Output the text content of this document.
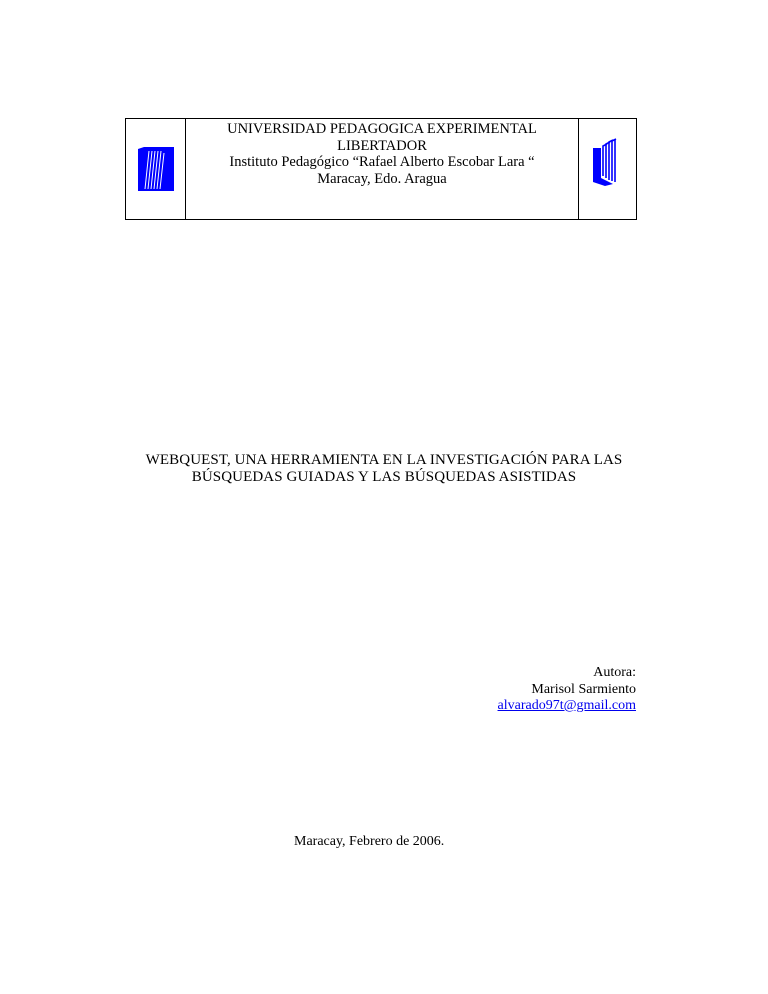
UNIVERSIDAD PEDAGOGICA EXPERIMENTAL
LIBERTADOR
Instituto Pedagógico “Rafael Alberto Escobar Lara “
Maracay, Edo. Aragua
WEBQUEST, UNA HERRAMIENTA EN LA INVESTIGACIÓN PARA LAS
BÚSQUEDAS GUIADAS Y LAS BÚSQUEDAS ASISTIDAS
Autora:
Marisol Sarmiento
alvarado97t@gmail.com
Maracay, Febrero de 2006.
